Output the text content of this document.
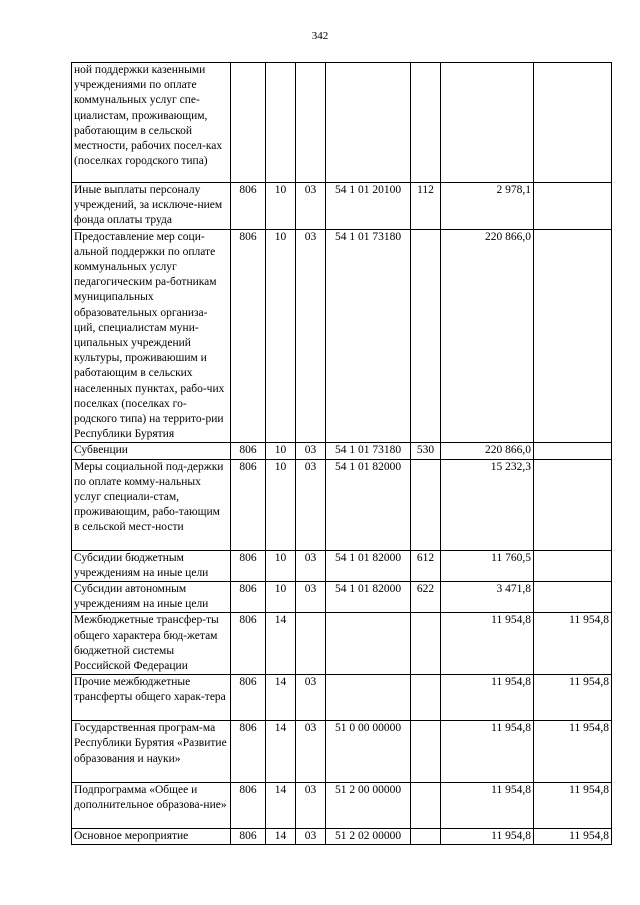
342
ной поддержки казенными учреждениями по оплате коммунальных услуг спе-циалистам, проживающим, работающим в сельской местности, рабочих посел-ках (поселках городского типа)							
Иные выплаты персоналу учреждений, за исключе-нием фонда оплаты труда	806	10	03	54 1 01 20100	112	2 978,1	
Предоставление мер соци-альной поддержки по оплате коммунальных услуг педагогическим ра-ботникам муниципальных образовательных организа-ций, специалистам муни-ципальных учреждений культуры, проживаюшим и работающим в сельских населенных пунктах, рабо-чих поселках (поселках го-родского типа) на террито-рии Республики Бурятия	806	10	03	54 1 01 73180		220 866,0	
Субвенции	806	10	03	54 1 01 73180	530	220 866,0	
Меры социальной под-держки по оплате комму-нальных услуг специали-стам, проживающим, рабо-тающим в сельской мест-ности	806	10	03	54 1 01 82000		15 232,3	
Субсидии бюджетным учреждениям на иные цели	806	10	03	54 1 01 82000	612	11 760,5	
Субсидии автономным учреждениям на иные цели	806	10	03	54 1 01 82000	622	3 471,8	
Межбюджетные трансфер-ты общего характера бюд-жетам бюджетной системы Российской Федерации	806	14				11 954,8	11 954,8
Прочие межбюджетные трансферты общего харак-тера	806	14	03			11 954,8	11 954,8
Государственная програм-ма Республики Бурятия «Развитие образования и науки»	806	14	03	51 0 00 00000		11 954,8	11 954,8
Подпрограмма «Общее и дополнительное образова-ние»	806	14	03	51 2 00 00000		11 954,8	11 954,8
Основное мероприятие	806	14	03	51 2 02 00000		11 954,8	11 954,8
